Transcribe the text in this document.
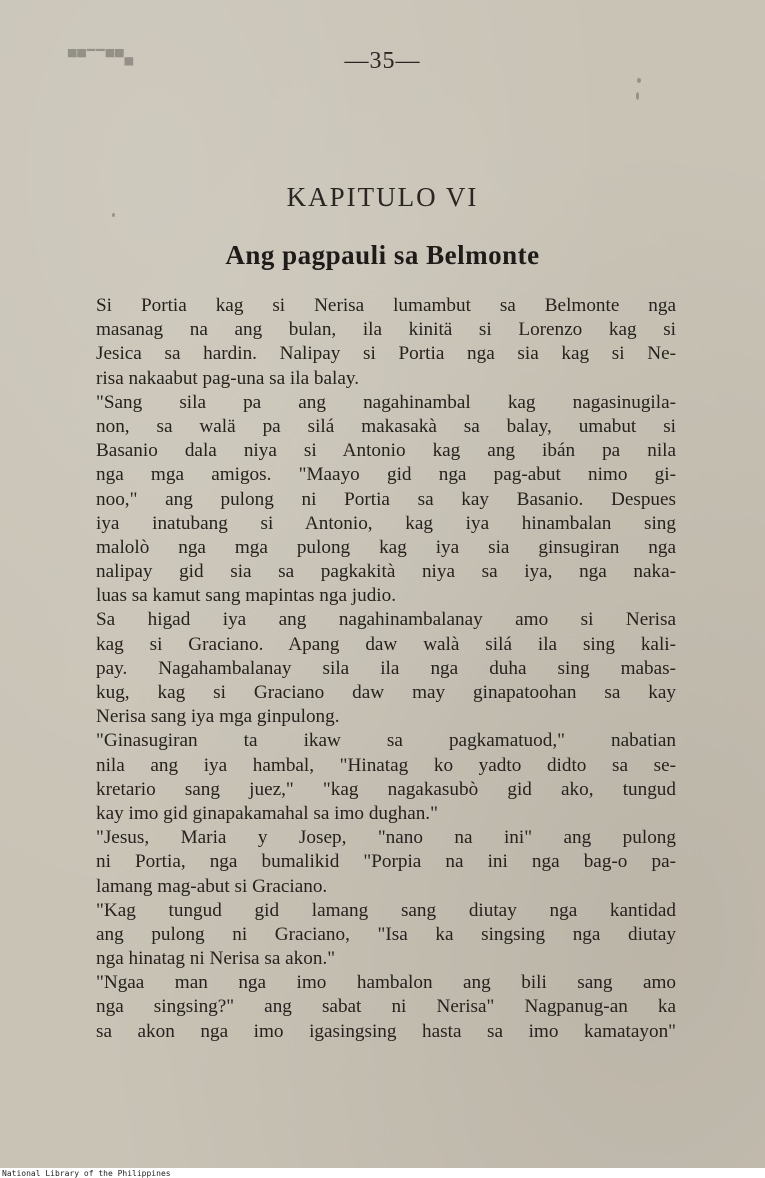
▀▀▔▔▀▀▄	—35—
KAPITULO VI
Ang pagpauli sa Belmonte
Si Portia kag si Nerisa lumambut sa Belmonte nga
masanag na ang bulan, ila kinitä si Lorenzo kag si
Jesica sa hardin. Nalipay si Portia nga sia kag si Ne-
risa nakaabut pag-una sa ila balay.
"Sang sila pa ang nagahinambal kag nagasinugila-
non, sa walä pa silá makasakà sa balay, umabut si
Basanio dala niya si Antonio kag ang ibán pa nila
nga mga amigos. "Maayo gid nga pag-abut nimo gi-
noo," ang pulong ni Portia sa kay Basanio. Despues
iya inatubang si Antonio, kag iya hinambalan sing
malolò nga mga pulong kag iya sia ginsugiran nga
nalipay gid sia sa pagkakità niya sa iya, nga naka-
luas sa kamut sang mapintas nga judio.
Sa higad iya ang nagahinambalanay amo si Nerisa
kag si Graciano. Apang daw walà silá ila sing kali-
pay. Nagahambalanay sila ila nga duha sing mabas-
kug, kag si Graciano daw may ginapatoohan sa kay
Nerisa sang iya mga ginpulong.
"Ginasugiran ta ikaw sa pagkamatuod," nabatian
nila ang iya hambal, "Hinatag ko yadto didto sa se-
kretario sang juez," "kag nagakasubò gid ako, tungud
kay imo gid ginapakamahal sa imo dughan."
"Jesus, Maria y Josep, "nano na ini" ang pulong
ni Portia, nga bumalikid "Porpia na ini nga bag-o pa-
lamang mag-abut si Graciano.
"Kag tungud gid lamang sang diutay nga kantidad
ang pulong ni Graciano, "Isa ka singsing nga diutay
nga hinatag ni Nerisa sa akon."
"Ngaa man nga imo hambalon ang bili sang amo
nga singsing?" ang sabat ni Nerisa" Nagpanug-an ka
sa akon nga imo igasingsing hasta sa imo kamatayon"
National Library of the Philippines
